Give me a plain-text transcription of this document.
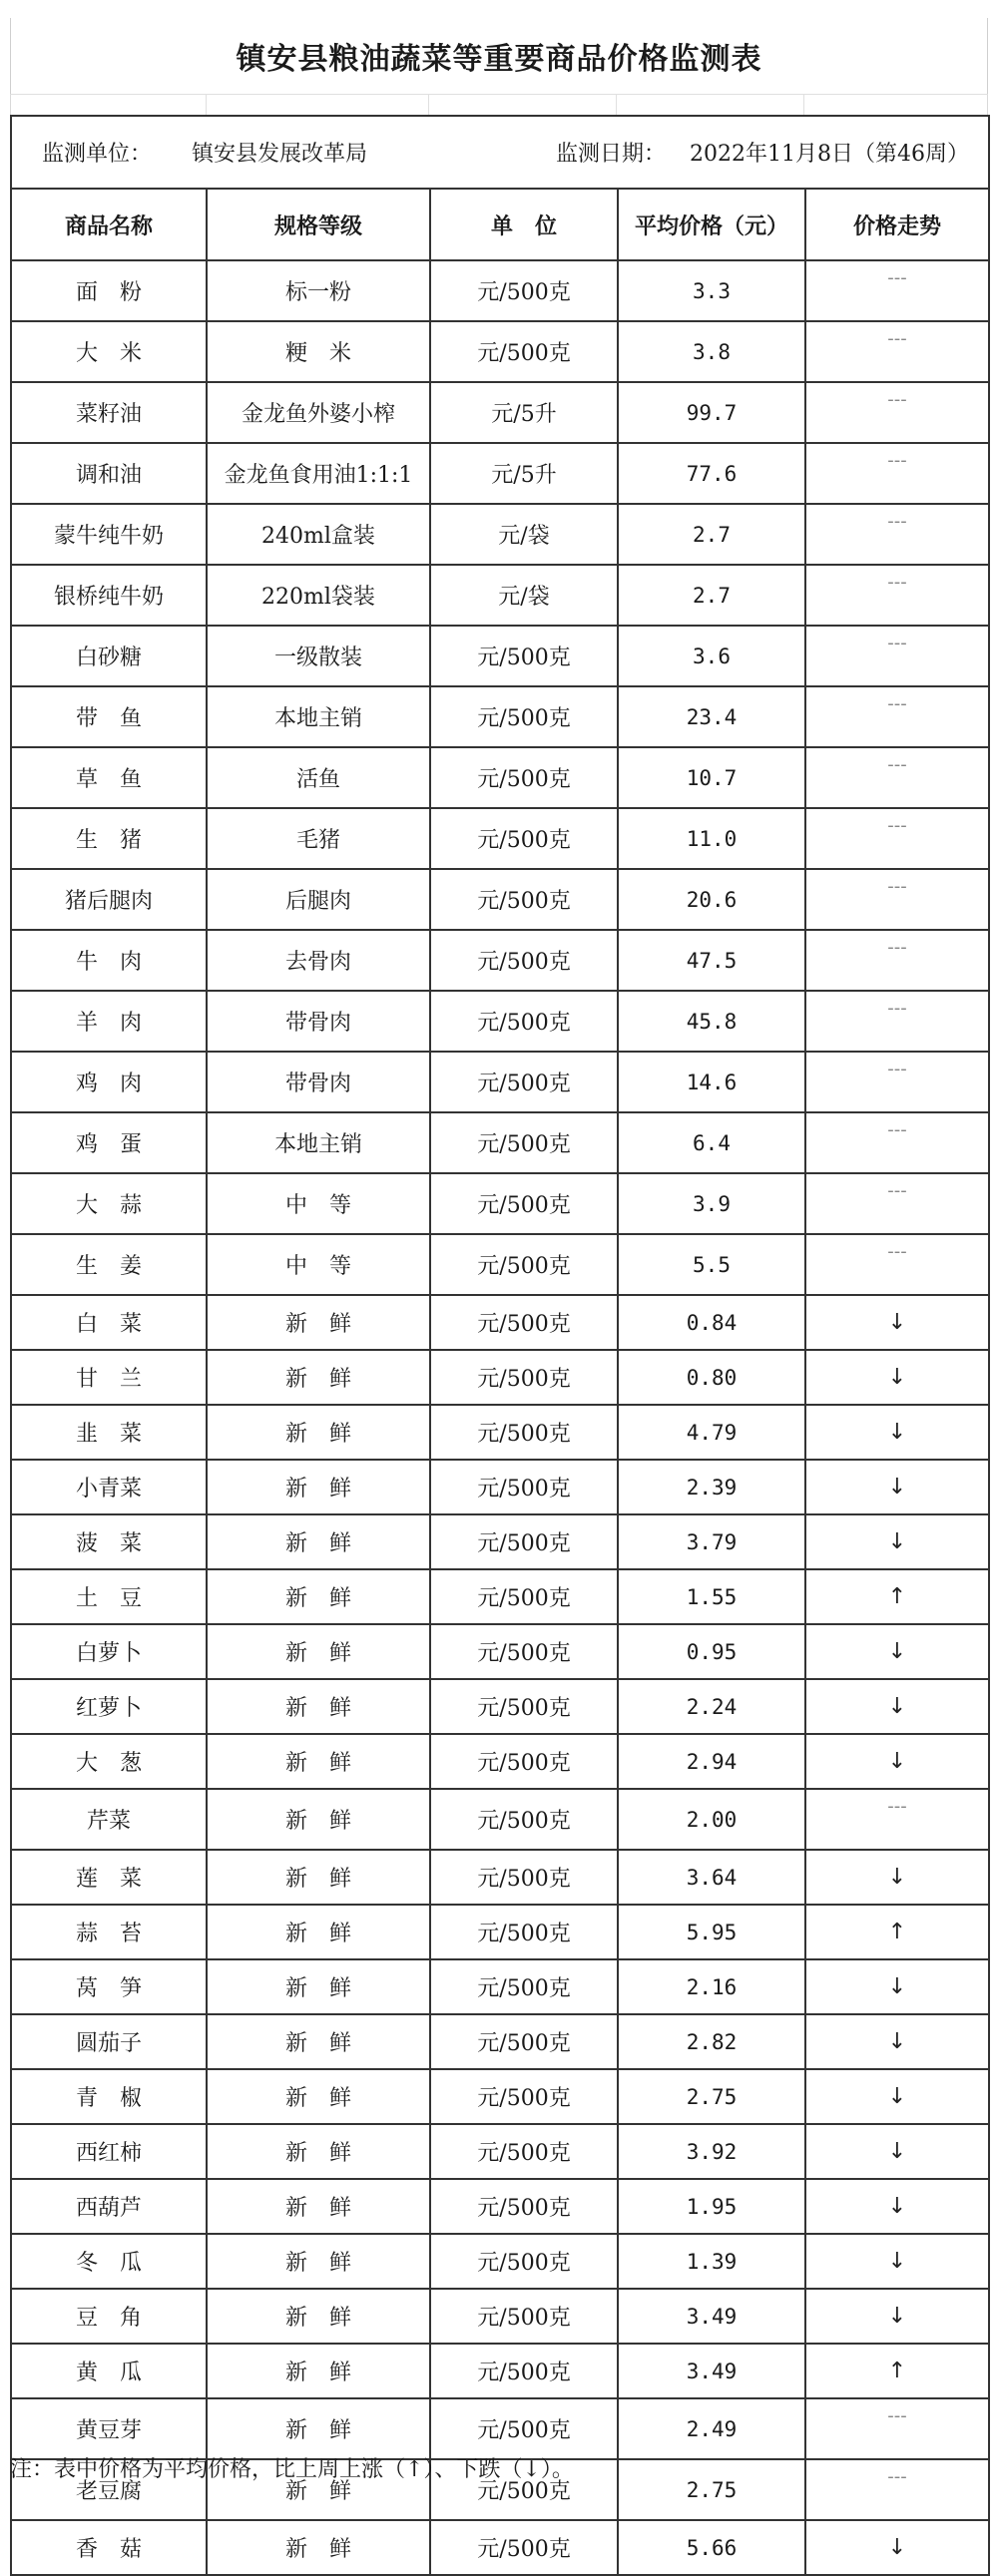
镇安县粮油蔬菜等重要商品价格监测表
监测单位： 镇安县发展改革局 监测日期： 2022年11月8日（第46周）				

商品名称	规格等级	单　位	平均价格（元）	价格走势
面　粉	标一粉	元/500克	3.3	---
大　米	粳　米	元/500克	3.8	---
菜籽油	金龙鱼外婆小榨	元/5升	99.7	---
调和油	金龙鱼食用油1:1:1	元/5升	77.6	---
蒙牛纯牛奶	240ml盒装	元/袋	2.7	---
银桥纯牛奶	220ml袋装	元/袋	2.7	---
白砂糖	一级散装	元/500克	3.6	---
带　鱼	本地主销	元/500克	23.4	---
草　鱼	活鱼	元/500克	10.7	---
生　猪	毛猪	元/500克	11.0	---
猪后腿肉	后腿肉	元/500克	20.6	---
牛　肉	去骨肉	元/500克	47.5	---
羊　肉	带骨肉	元/500克	45.8	---
鸡　肉	带骨肉	元/500克	14.6	---
鸡　蛋	本地主销	元/500克	6.4	---
大　蒜	中　等	元/500克	3.9	---
生　姜	中　等	元/500克	5.5	---
白　菜	新　鲜	元/500克	0.84	↓
甘　兰	新　鲜	元/500克	0.80	↓
韭　菜	新　鲜	元/500克	4.79	↓
小青菜	新　鲜	元/500克	2.39	↓
菠　菜	新　鲜	元/500克	3.79	↓
土　豆	新　鲜	元/500克	1.55	↑
白萝卜	新　鲜	元/500克	0.95	↓
红萝卜	新　鲜	元/500克	2.24	↓
大　葱	新　鲜	元/500克	2.94	↓
芹菜	新　鲜	元/500克	2.00	---
莲　菜	新　鲜	元/500克	3.64	↓
蒜　苔	新　鲜	元/500克	5.95	↑
莴　笋	新　鲜	元/500克	2.16	↓
圆茄子	新　鲜	元/500克	2.82	↓
青　椒	新　鲜	元/500克	2.75	↓
西红柿	新　鲜	元/500克	3.92	↓
西葫芦	新　鲜	元/500克	1.95	↓
冬　瓜	新　鲜	元/500克	1.39	↓
豆　角	新　鲜	元/500克	3.49	↓
黄　瓜	新　鲜	元/500克	3.49	↑
黄豆芽	新　鲜	元/500克	2.49	---
老豆腐	新　鲜	元/500克	2.75	---
香　菇	新　鲜	元/500克	5.66	↓
注：表中价格为平均价格，比上周上涨（↑）、下跌（↓）。
